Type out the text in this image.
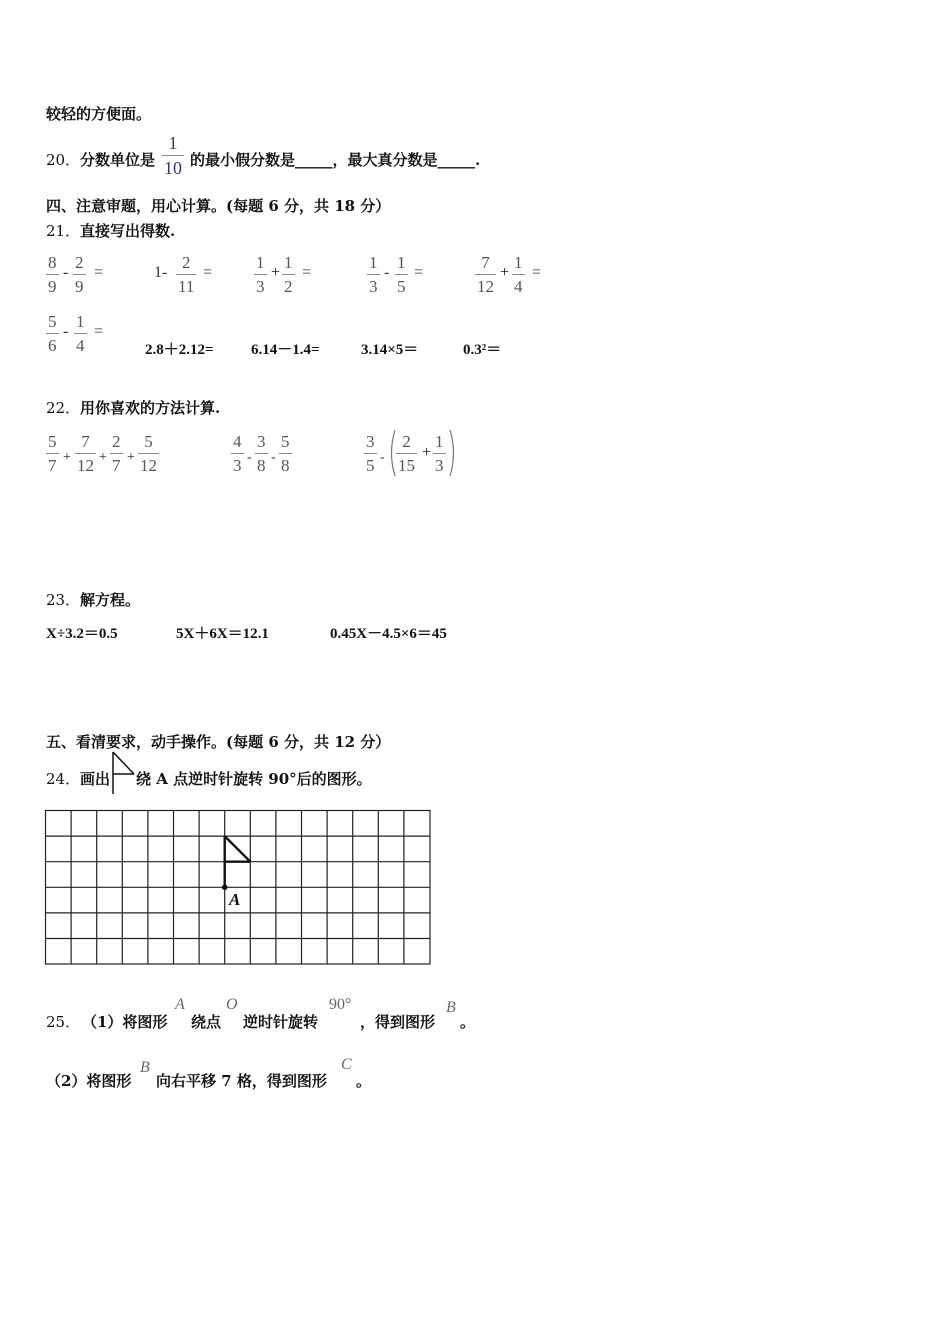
较轻的方便面。
20． 分数单位是
1
10 的最小假分数是_____，最大真分数是_____.
四、注意审题，用心计算。(每题 6 分，共 18 分）
21． 直接写出得数.
8
9
-
2
9
=	1-
2
11
=
1
3
+
1
2
=
1
3
-
1
5
=
7
12
+
1
4
=
5
6
-
1
4
=
2.8＋2.12= 6.14－1.4=	3.14×5＝	0.3²＝
22． 用你喜欢的方法计算.
5
7 +
7
12 +
2
7 +
5
12
4
3 -
3
8 -
5
8
3
5 -
2
15
+
1
3
23． 解方程。
X÷3.2＝0.5	5X＋6X＝12.1	0.45X－4.5×6＝45
五、看清要求，动手操作。(每题 6 分，共 12 分）
24． 画出 绕 A 点逆时针旋转 90°后的图形。
A
25． （1）将图形
A
绕点
O
逆时针旋转
90°
，得到图形
B
。
（2）将图形
B
向右平移 7 格，得到图形
C
。
